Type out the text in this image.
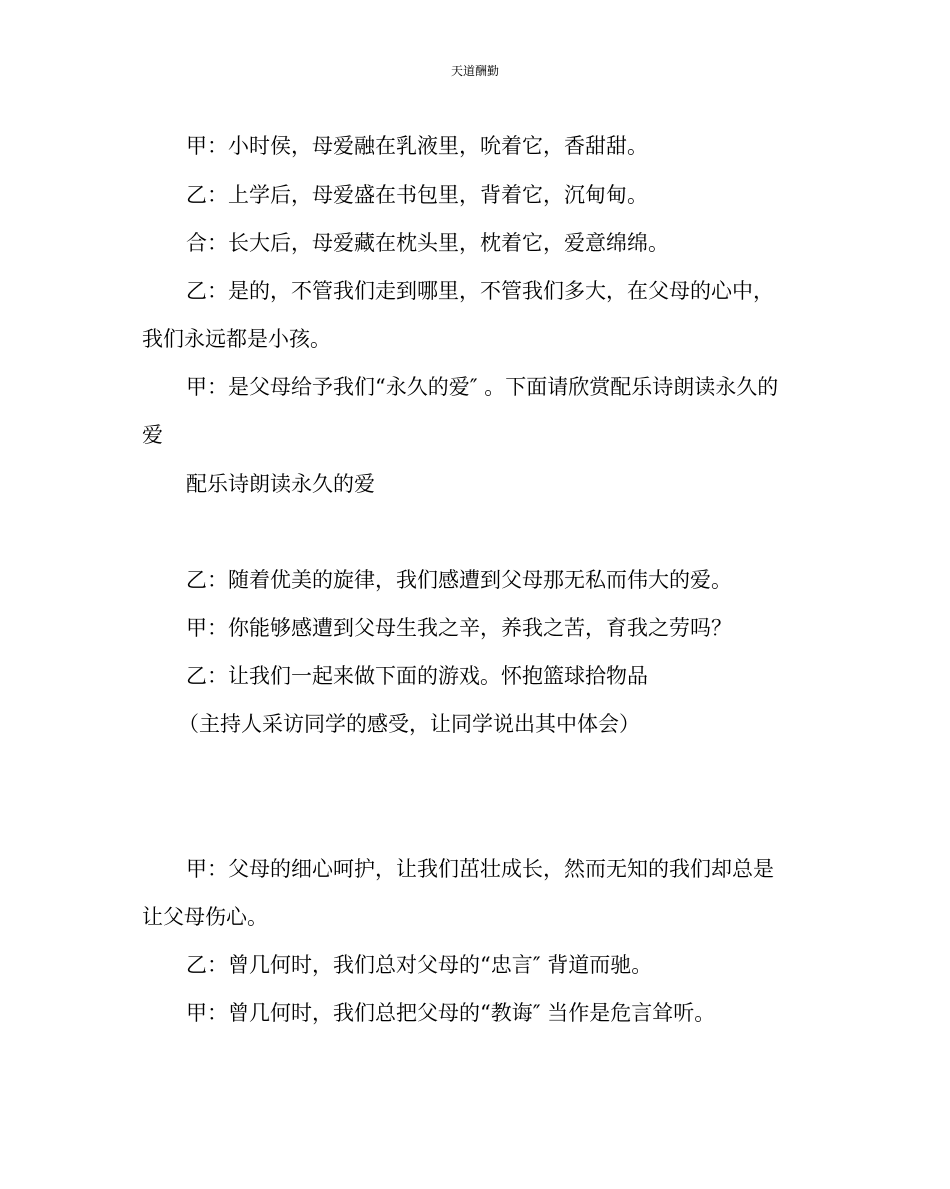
天道酬勤
甲：小时侯，母爱融在乳液里，吮着它，香甜甜。
乙：上学后，母爱盛在书包里，背着它，沉甸甸。
合：长大后，母爱藏在枕头里，枕着它，爱意绵绵。
乙：是的，不管我们走到哪里，不管我们多大，在父母的心中，
我们永远都是小孩。
甲：是父母给予我们“永久的爱″ 。下面请欣赏配乐诗朗读永久的
爱
配乐诗朗读永久的爱
乙：随着优美的旋律，我们感遭到父母那无私而伟大的爱。
甲：你能够感遭到父母生我之辛，养我之苦，育我之劳吗？
乙：让我们一起来做下面的游戏。怀抱篮球拾物品
（主持人采访同学的感受，让同学说出其中体会）
甲：父母的细心呵护，让我们茁壮成长，然而无知的我们却总是
让父母伤心。
乙：曾几何时，我们总对父母的“忠言″ 背道而驰。
甲：曾几何时，我们总把父母的“教诲″ 当作是危言耸听。
